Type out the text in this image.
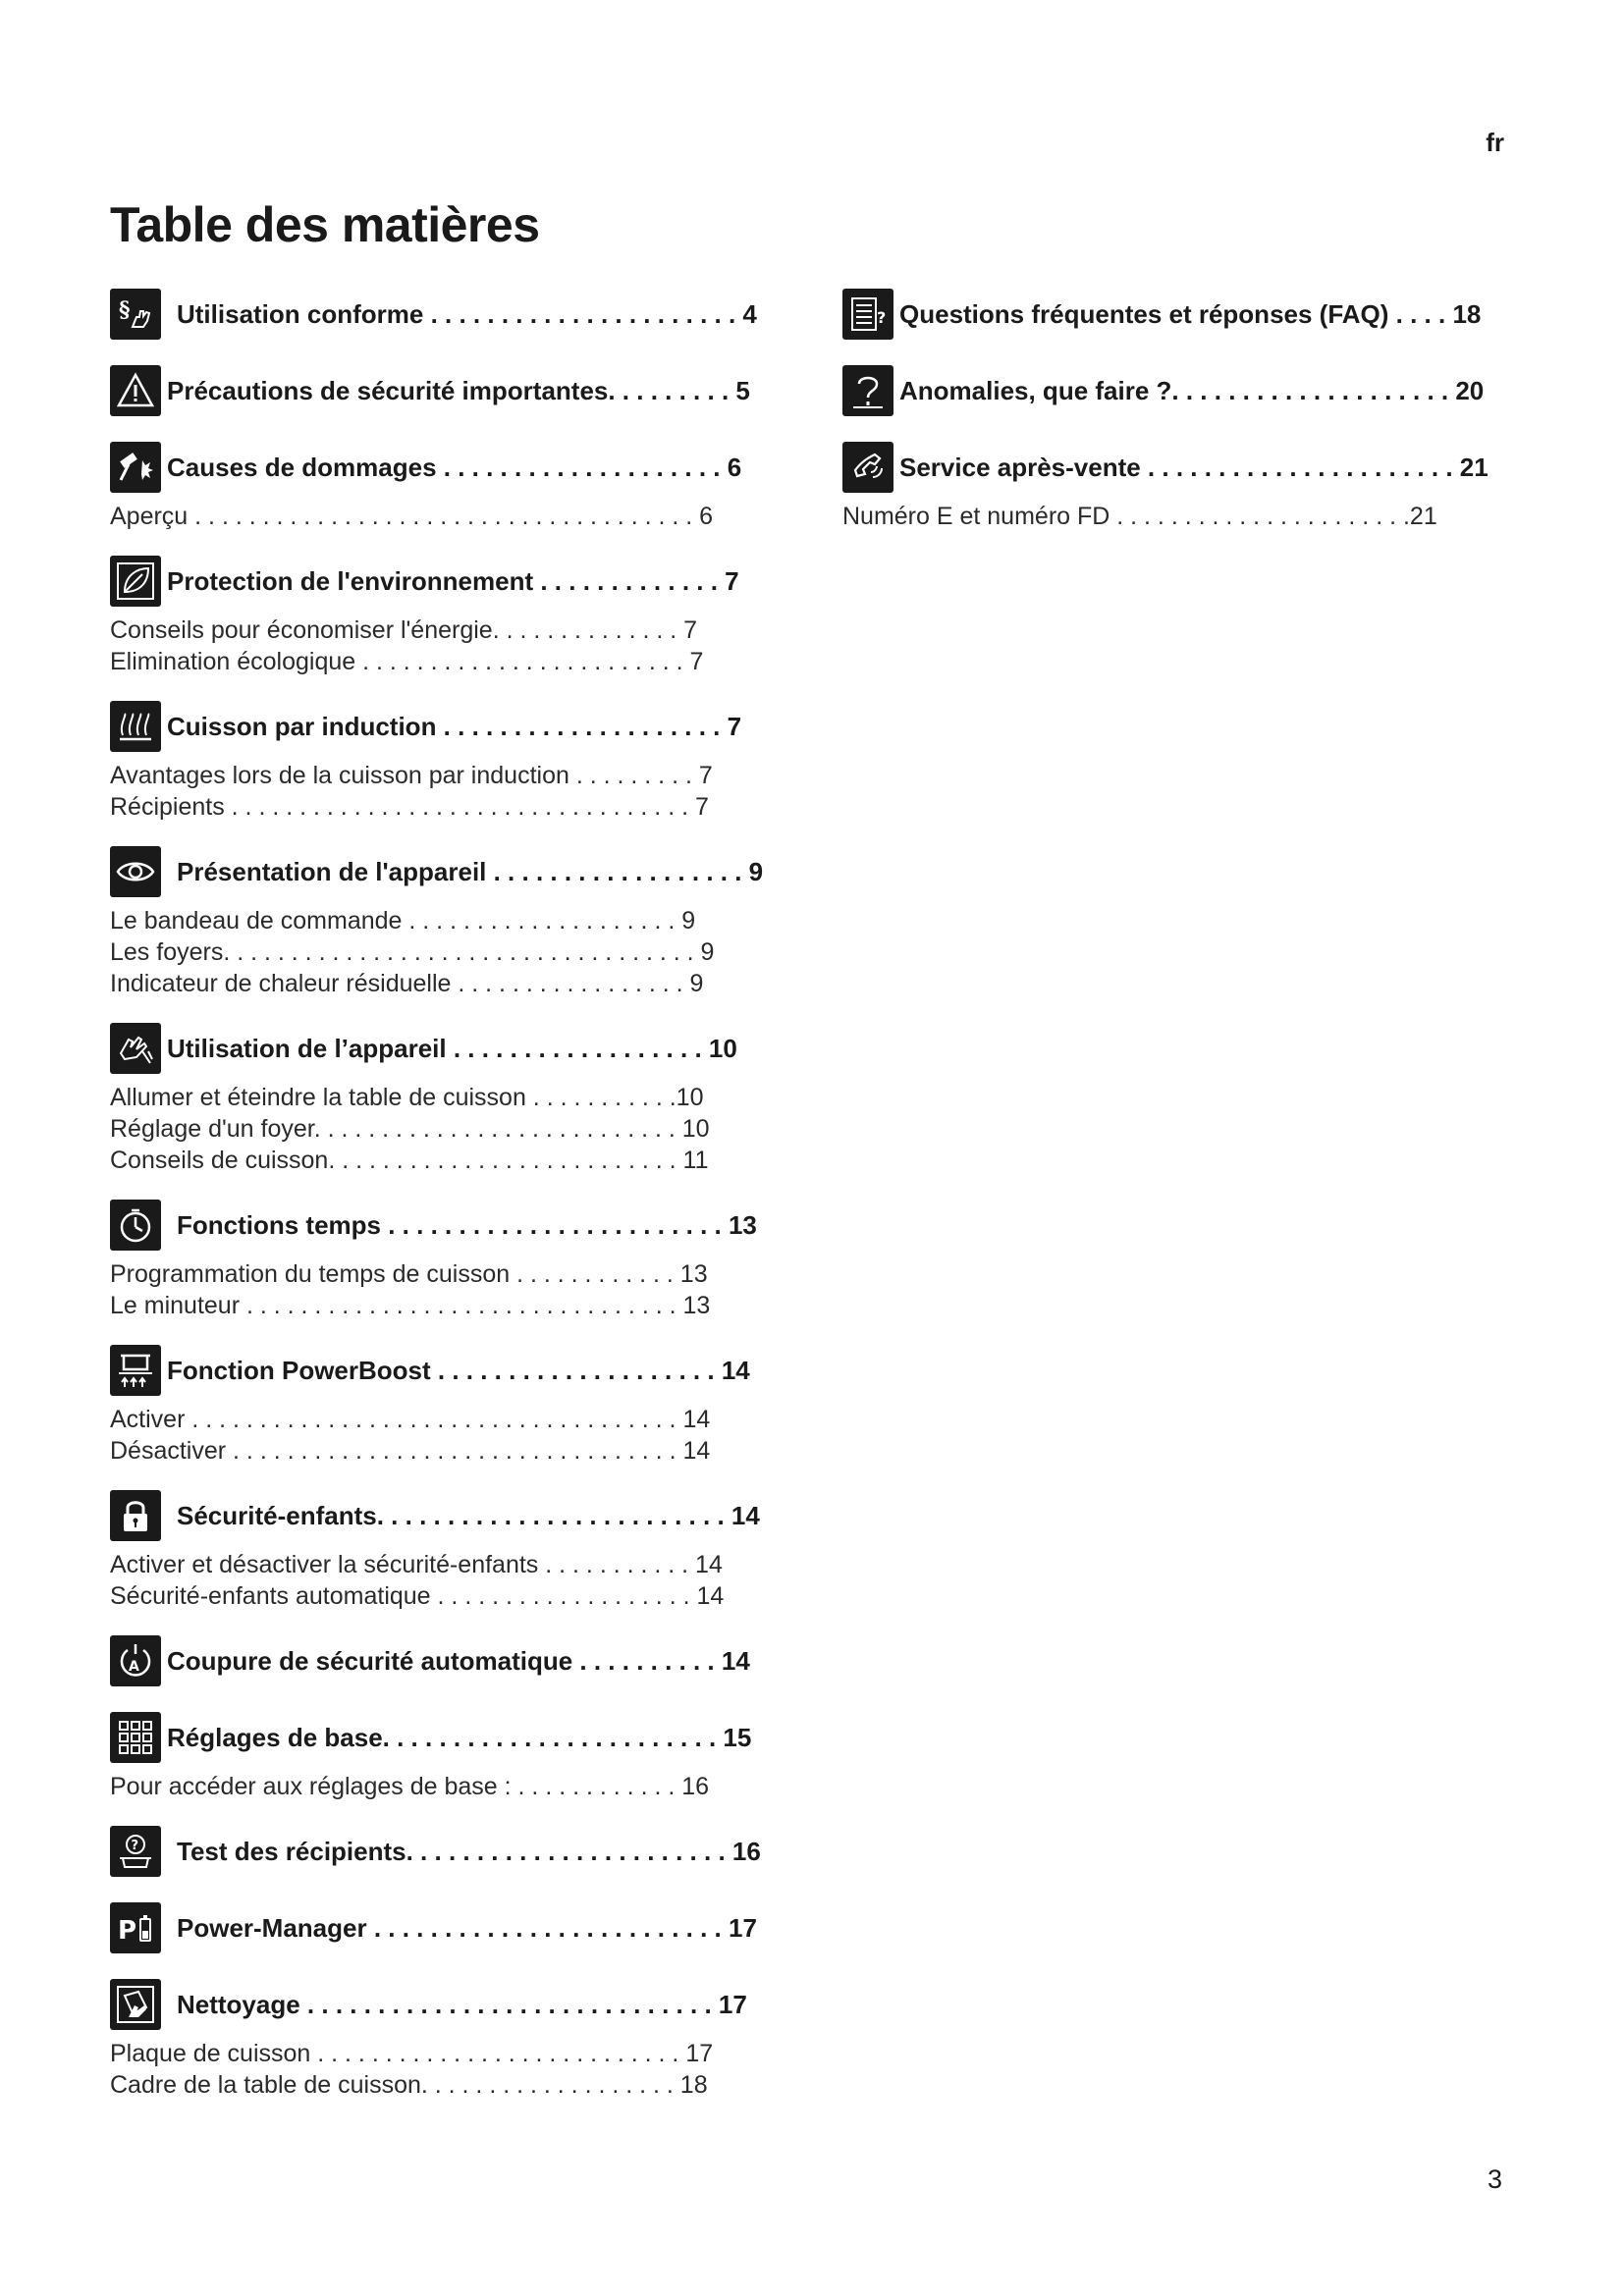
fr
Table des matières
§ Utilisation conforme . . . . . . . . . . . . . . . . . . . . . . 4
Précautions de sécurité importantes. . . . . . . . . 5
Causes de dommages . . . . . . . . . . . . . . . . . . . . 6
Aperçu . . . . . . . . . . . . . . . . . . . . . . . . . . . . . . . . . . . . . 6
Protection de l'environnement . . . . . . . . . . . . . 7
Conseils pour économiser l'énergie. . . . . . . . . . . . . . 7
Elimination écologique . . . . . . . . . . . . . . . . . . . . . . . . 7
Cuisson par induction . . . . . . . . . . . . . . . . . . . . 7
Avantages lors de la cuisson par induction . . . . . . . . . 7
Récipients . . . . . . . . . . . . . . . . . . . . . . . . . . . . . . . . . . 7
Présentation de l'appareil . . . . . . . . . . . . . . . . . . 9
Le bandeau de commande . . . . . . . . . . . . . . . . . . . . 9
Les foyers. . . . . . . . . . . . . . . . . . . . . . . . . . . . . . . . . . . 9
Indicateur de chaleur résiduelle . . . . . . . . . . . . . . . . . 9
Utilisation de l’appareil . . . . . . . . . . . . . . . . . . 10
Allumer et éteindre la table de cuisson . . . . . . . . . . .10
Réglage d'un foyer. . . . . . . . . . . . . . . . . . . . . . . . . . . 10
Conseils de cuisson. . . . . . . . . . . . . . . . . . . . . . . . . . 11
Fonctions temps . . . . . . . . . . . . . . . . . . . . . . . . 13
Programmation du temps de cuisson . . . . . . . . . . . . 13
Le minuteur . . . . . . . . . . . . . . . . . . . . . . . . . . . . . . . . 13
Fonction PowerBoost . . . . . . . . . . . . . . . . . . . . 14
Activer . . . . . . . . . . . . . . . . . . . . . . . . . . . . . . . . . . . . 14
Désactiver . . . . . . . . . . . . . . . . . . . . . . . . . . . . . . . . . 14
Sécurité-enfants. . . . . . . . . . . . . . . . . . . . . . . . . 14
Activer et désactiver la sécurité-enfants . . . . . . . . . . . 14
Sécurité-enfants automatique . . . . . . . . . . . . . . . . . . . 14
A Coupure de sécurité automatique . . . . . . . . . . 14
Réglages de base. . . . . . . . . . . . . . . . . . . . . . . . 15
Pour accéder aux réglages de base : . . . . . . . . . . . . 16
? Test des récipients. . . . . . . . . . . . . . . . . . . . . . . 16
P Power-Manager . . . . . . . . . . . . . . . . . . . . . . . . . 17
Nettoyage . . . . . . . . . . . . . . . . . . . . . . . . . . . . . 17
Plaque de cuisson . . . . . . . . . . . . . . . . . . . . . . . . . . . 17
Cadre de la table de cuisson. . . . . . . . . . . . . . . . . . . 18
? Questions fréquentes et réponses (FAQ) . . . . 18
Anomalies, que faire ?. . . . . . . . . . . . . . . . . . . . 20
Service après-vente . . . . . . . . . . . . . . . . . . . . . . 21
Numéro E et numéro FD . . . . . . . . . . . . . . . . . . . . . .21
3
